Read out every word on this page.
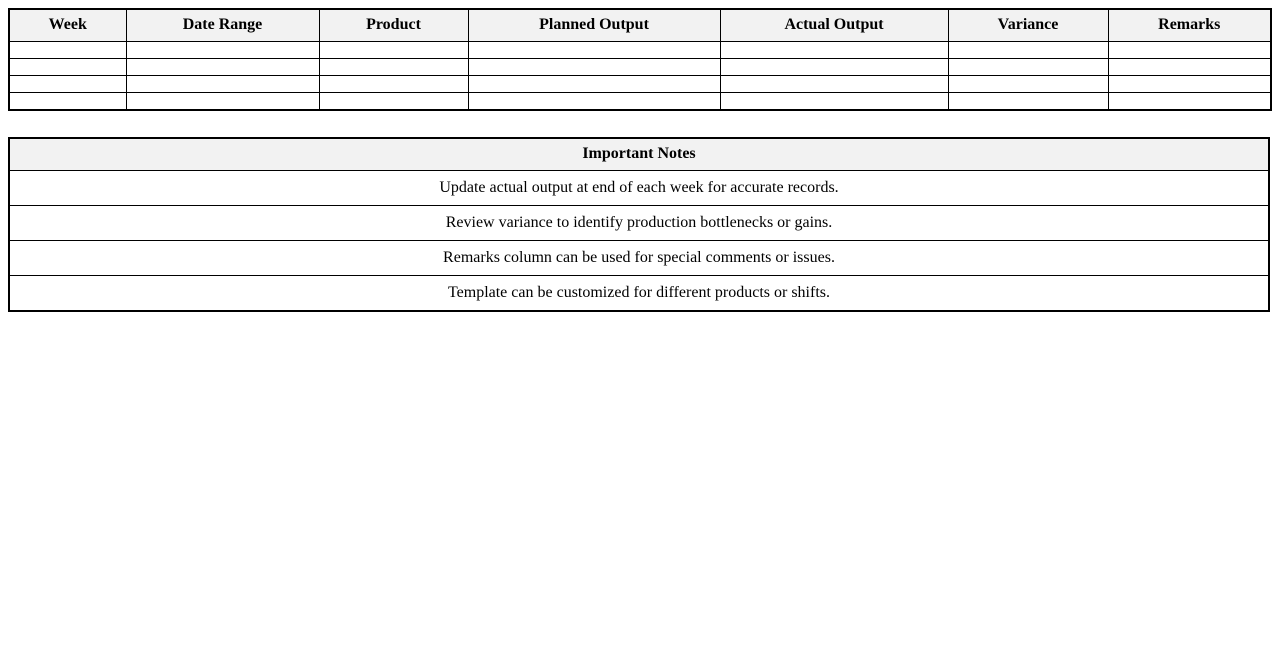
Week	Date Range	Product	Planned Output	Actual Output	Variance	Remarks

Important Notes
Update actual output at end of each week for accurate records.
Review variance to identify production bottlenecks or gains.
Remarks column can be used for special comments or issues.
Template can be customized for different products or shifts.
